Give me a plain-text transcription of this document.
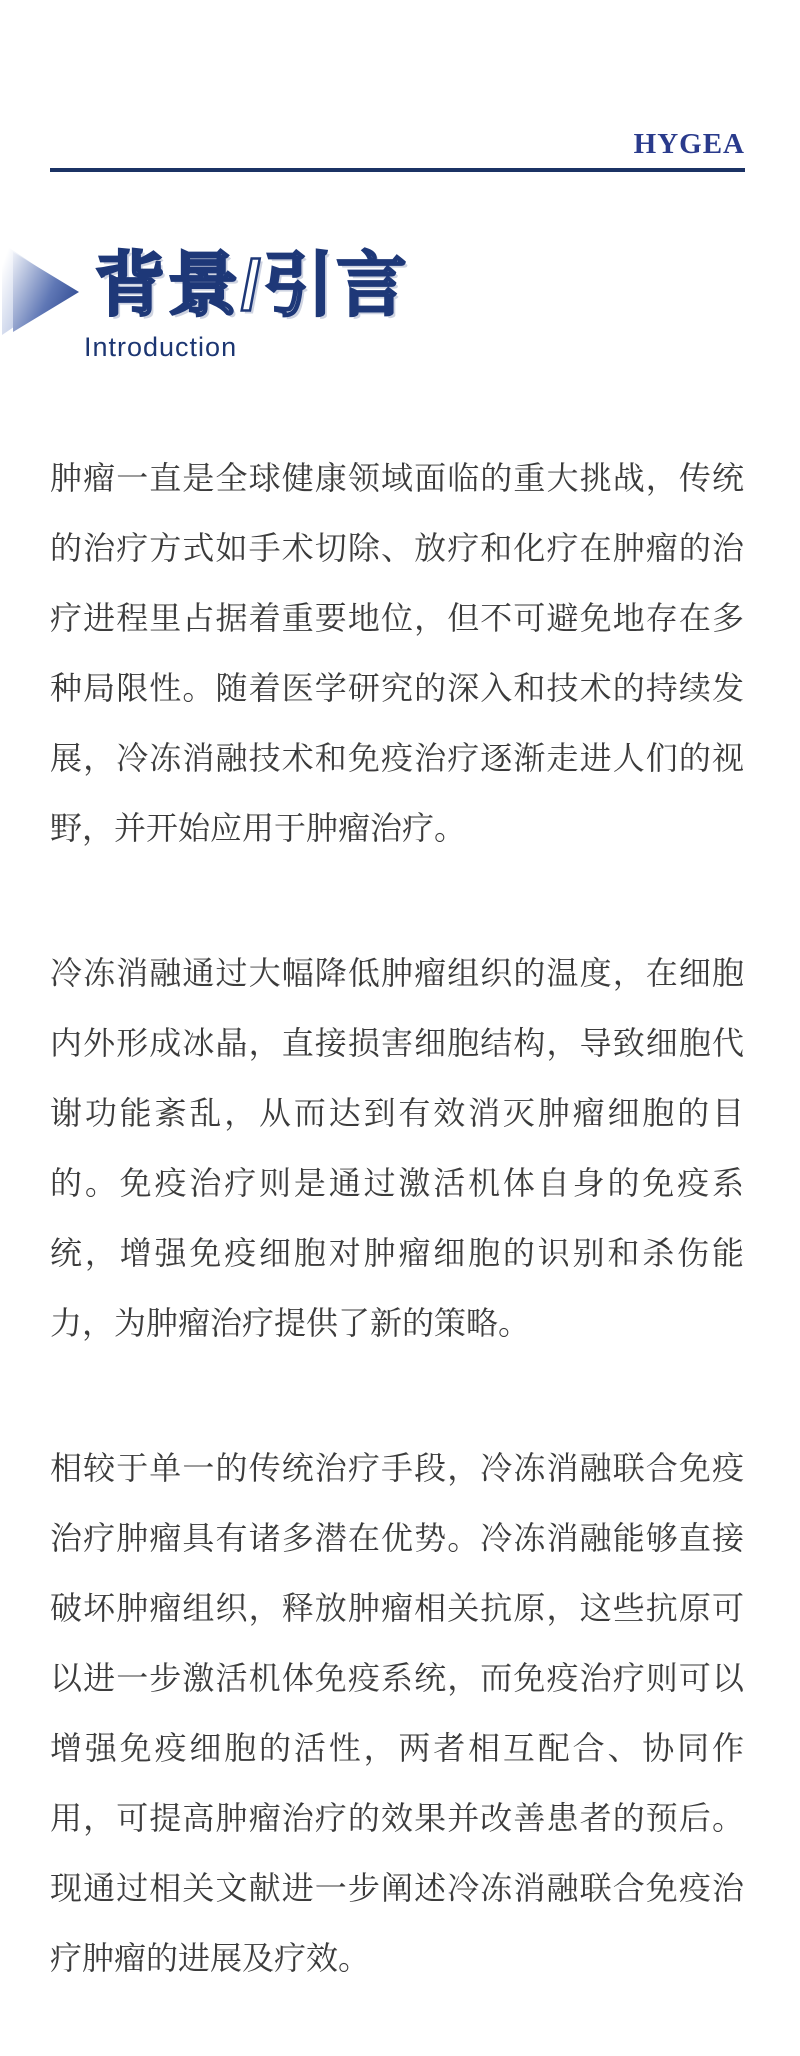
HYGEA
背景/引言
Introduction

肿瘤一直是全球健康领域面临的重大挑战，传统的治疗方式如手术切除、放疗和化疗在肿瘤的治疗进程里占据着重要地位，但不可避免地存在多种局限性。随着医学研究的深入和技术的持续发展，冷冻消融技术和免疫治疗逐渐走进人们的视野，并开始应用于肿瘤治疗。

冷冻消融通过大幅降低肿瘤组织的温度，在细胞内外形成冰晶，直接损害细胞结构，导致细胞代谢功能紊乱，从而达到有效消灭肿瘤细胞的目的。免疫治疗则是通过激活机体自身的免疫系统，增强免疫细胞对肿瘤细胞的识别和杀伤能力，为肿瘤治疗提供了新的策略。

相较于单一的传统治疗手段，冷冻消融联合免疫治疗肿瘤具有诸多潜在优势。冷冻消融能够直接破坏肿瘤组织，释放肿瘤相关抗原，这些抗原可以进一步激活机体免疫系统，而免疫治疗则可以增强免疫细胞的活性，两者相互配合、协同作用，可提高肿瘤治疗的效果并改善患者的预后。现通过相关文献进一步阐述冷冻消融联合免疫治疗肿瘤的进展及疗效。
